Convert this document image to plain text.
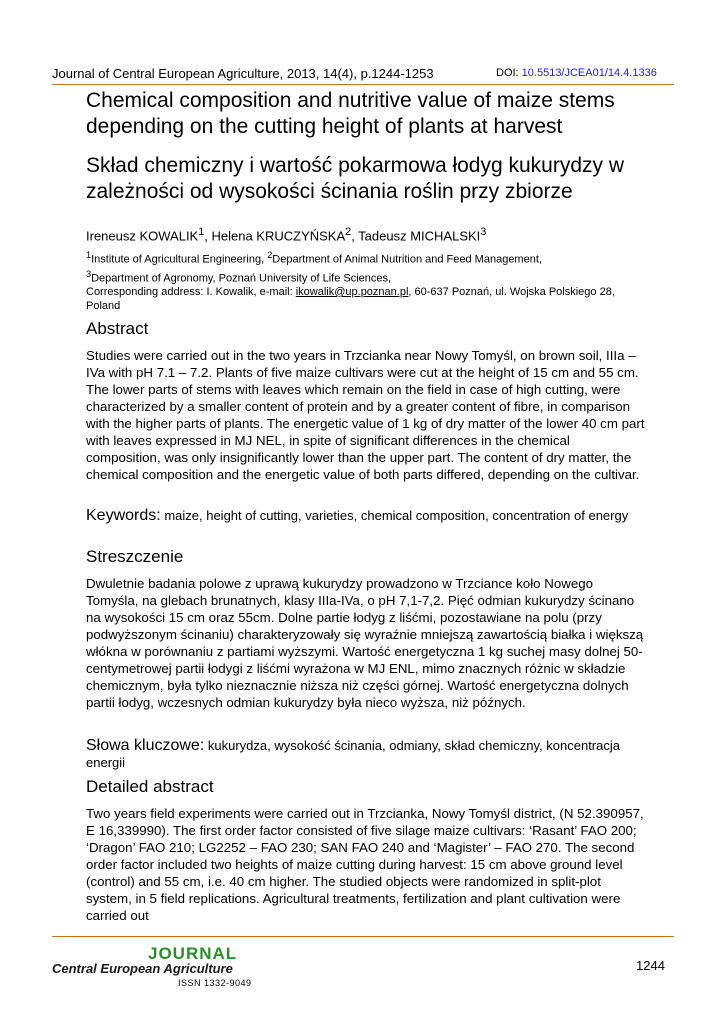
Journal of Central European Agriculture, 2013, 14(4), p.1244-1253	DOI: 10.5513/JCEA01/14.4.1336
Chemical composition and nutritive value of maize stems depending on the cutting height of plants at harvest
Skład chemiczny i wartość pokarmowa łodyg kukurydzy w zależności od wysokości ścinania roślin przy zbiorze
Ireneusz KOWALIK$^1$, Helena KRUCZYŃSKA$^2$, Tadeusz MICHALSKI$^3$
$^1$Institute of Agricultural Engineering, $^2$Department of Animal Nutrition and Feed Management,
$^3$Department of Agronomy, Poznań University of Life Sciences,
Corresponding address: I. Kowalik, e-mail: ikowalik@up.poznan.pl, 60-637 Poznań, ul. Wojska Polskiego 28, Poland
Abstract
Studies were carried out in the two years in Trzcianka near Nowy Tomyśl, on brown soil, IIIa – IVa with pH 7.1 – 7.2. Plants of five maize cultivars were cut at the height of 15 cm and 55 cm. The lower parts of stems with leaves which remain on the field in case of high cutting, were characterized by a smaller content of protein and by a greater content of fibre, in comparison with the higher parts of plants. The energetic value of 1 kg of dry matter of the lower 40 cm part with leaves expressed in MJ NEL, in spite of significant differences in the chemical composition, was only insignificantly lower than the upper part. The content of dry matter, the chemical composition and the energetic value of both parts differed, depending on the cultivar.
Keywords: maize, height of cutting, varieties, chemical composition, concentration of energy
Streszczenie
Dwuletnie badania polowe z uprawą kukurydzy prowadzono w Trzciance koło Nowego Tomyśla, na glebach brunatnych, klasy IIIa-IVa, o pH 7,1-7,2. Pięć odmian kukurydzy ścinano na wysokości 15 cm oraz 55cm. Dolne partie łodyg z liśćmi, pozostawiane na polu (przy podwyższonym ścinaniu) charakteryzowały się wyraźnie mniejszą zawartością białka i większą włókna w porównaniu z partiami wyższymi. Wartość energetyczna 1 kg suchej masy dolnej 50-centymetrowej partii łodygi z liśćmi wyrażona w MJ ENL, mimo znacznych różnic w składzie chemicznym, była tylko nieznacznie niższa niż części górnej. Wartość energetyczna dolnych partii łodyg, wczesnych odmian kukurydzy była nieco wyższa, niż późnych.
Słowa kluczowe: kukurydza, wysokość ścinania, odmiany, skład chemiczny, koncentracja energii
Detailed abstract
Two years field experiments were carried out in Trzcianka, Nowy Tomyśl district, (N 52.390957, E 16,339990). The first order factor consisted of five silage maize cultivars: ‘Rasant’ FAO 200; ‘Dragon’ FAO 210; LG2252 – FAO 230; SAN FAO 240 and ‘Magister’ – FAO 270. The second order factor included two heights of maize cutting during harvest: 15 cm above ground level (control) and 55 cm, i.e. 40 cm higher. The studied objects were randomized in split-plot system, in 5 field replications. Agricultural treatments, fertilization and plant cultivation were carried out
JOURNAL
Central European Agriculture
ISSN 1332-9049
1244
